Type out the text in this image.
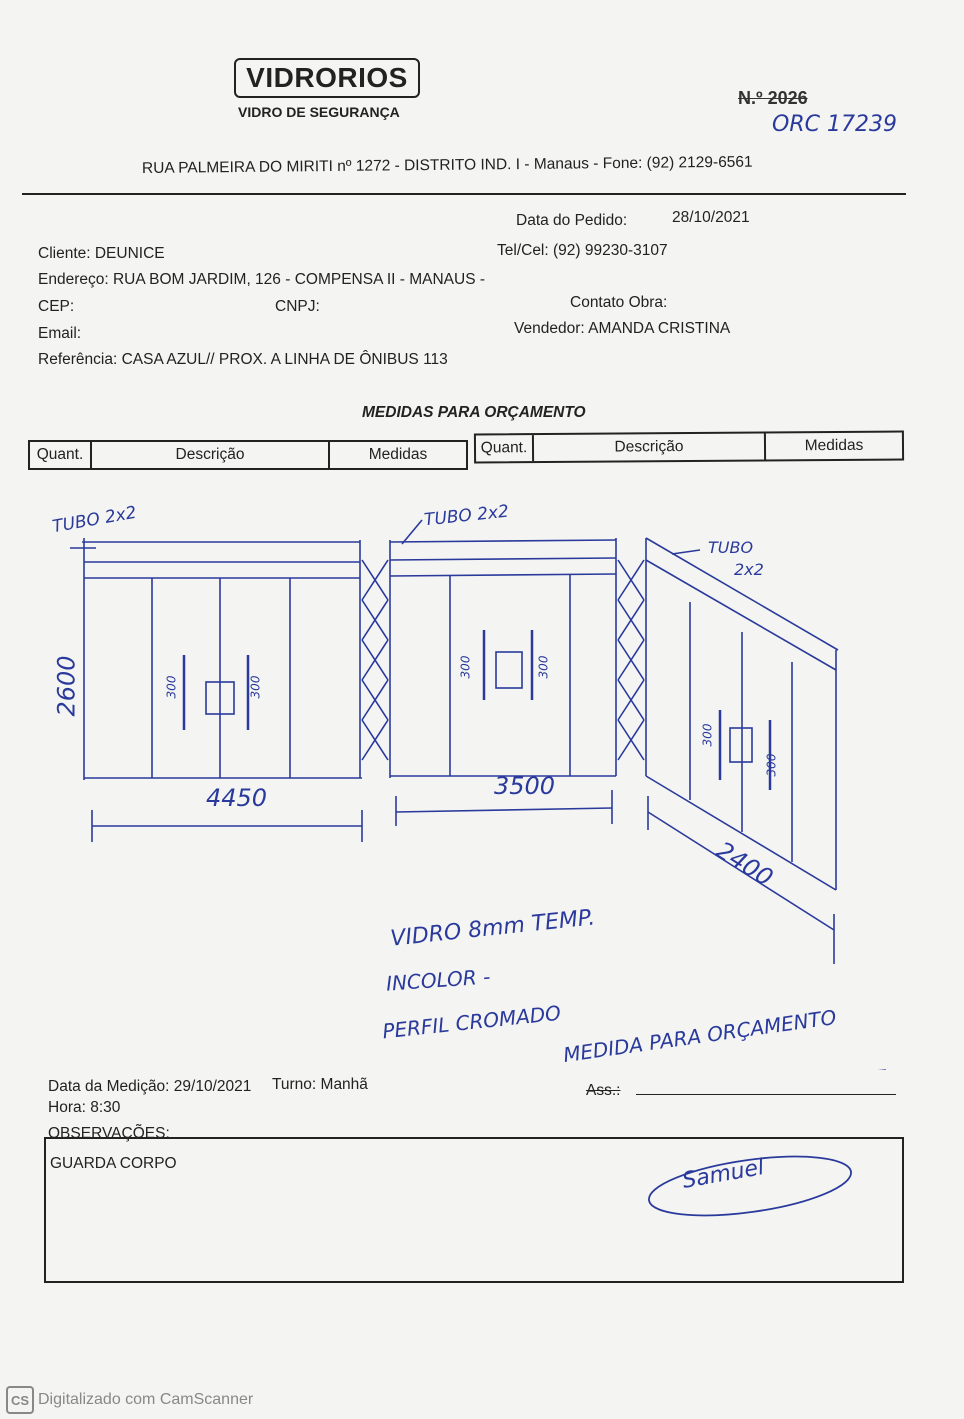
VIDRORIOS
VIDRO DE SEGURANÇA
N.º 2026
ORC 17239
RUA PALMEIRA DO MIRITI nº 1272 - DISTRITO IND. I - Manaus - Fone: (92) 2129-6561
Data do Pedido:	28/10/2021
Cliente: DEUNICE	Tel/Cel: (92) 99230-3107
Endereço: RUA BOM JARDIM, 126 - COMPENSA II - MANAUS -
CEP:	CNPJ:	Contato Obra:
Email:	Vendedor: AMANDA CRISTINA
Referência: CASA AZUL// PROX. A LINHA DE ÔNIBUS 113
MEDIDAS PARA ORÇAMENTO
Quant.	Descrição	Medidas	Quant.	Descrição	Medidas
TUBO 2x2	TUBO 2x2
TUBO
2x2
2600
4450	3500
2400
300	300
300	300
300
300
VIDRO 8mm TEMP.
INCOLOR -
PERFIL CROMADO MEDIDA PARA ORÇAMENTO
Data da Medição: 29/10/2021 Turno: Manhã
Hora: 8:30
Ass.:
OBSERVAÇÕES:
GUARDA CORPO	Samuel
CS Digitalizado com CamScanner
